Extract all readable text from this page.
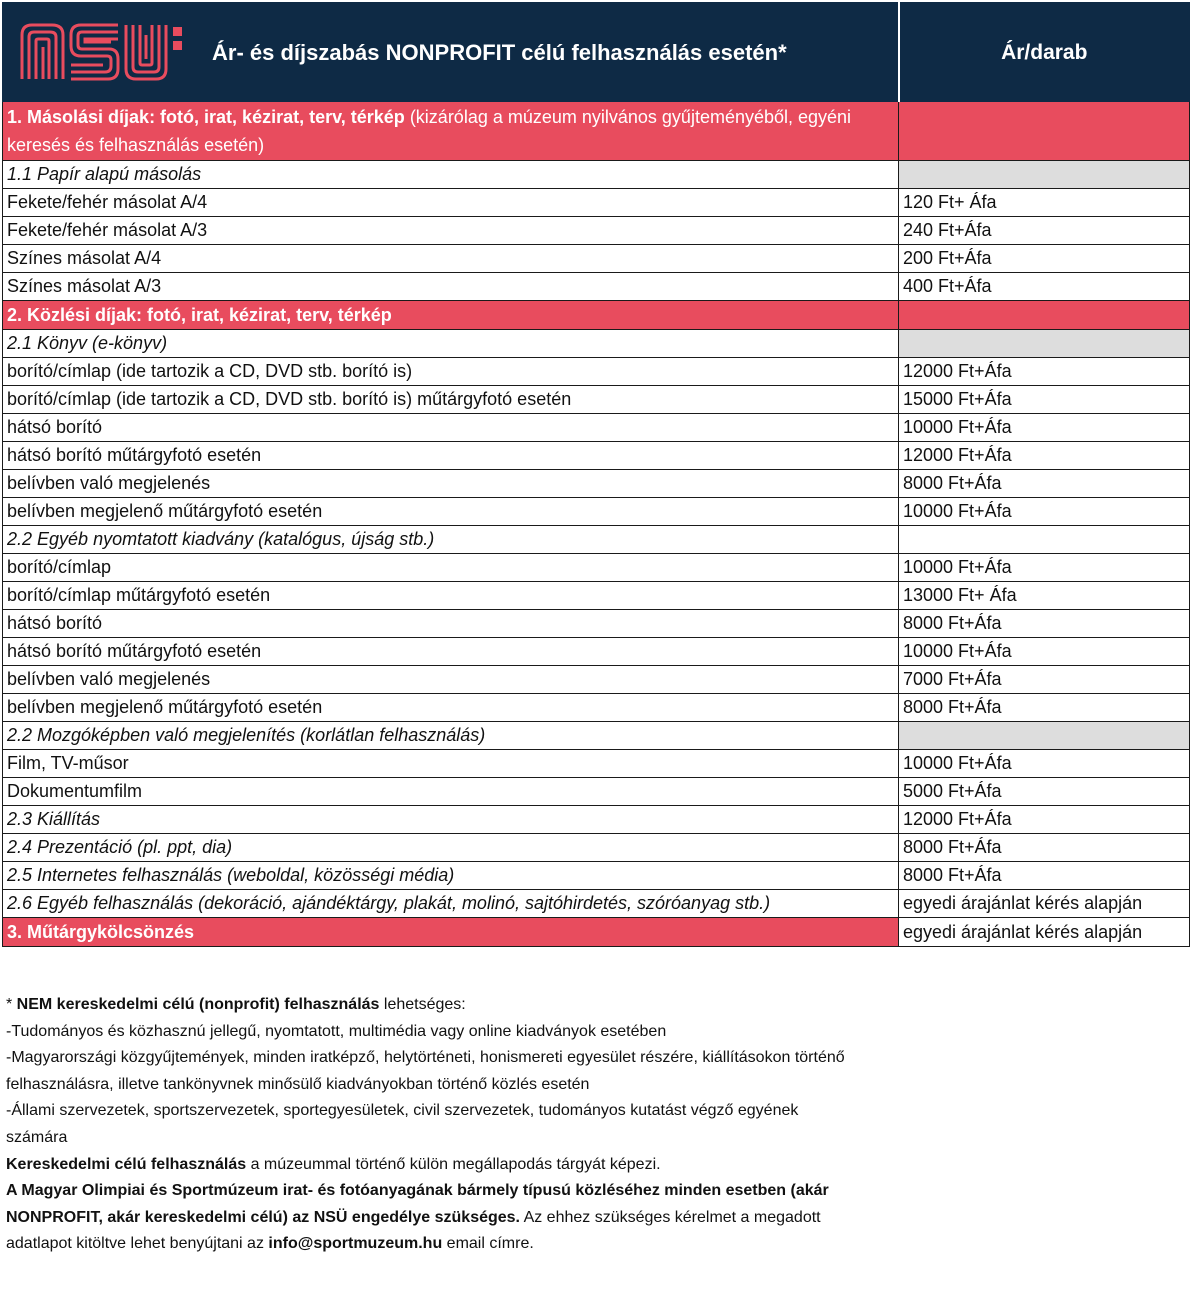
Ár- és díjszabás NONPROFIT célú felhasználás esetén*	Ár/darab
1. Másolási díjak: fotó, irat, kézirat, terv, térkép (kizárólag a múzeum nyilvános gyűjteményéből, egyéni keresés és felhasználás esetén)	
1.1 Papír alapú másolás	
Fekete/fehér másolat A/4	120 Ft+ Áfa
Fekete/fehér másolat A/3	240 Ft+Áfa
Színes másolat A/4	200 Ft+Áfa
Színes másolat A/3	400 Ft+Áfa
2. Közlési díjak: fotó, irat, kézirat, terv, térkép	
2.1 Könyv (e-könyv)	
borító/címlap (ide tartozik a CD, DVD stb. borító is)	12000 Ft+Áfa
borító/címlap (ide tartozik a CD, DVD stb. borító is) műtárgyfotó esetén	15000 Ft+Áfa
hátsó borító	10000 Ft+Áfa
hátsó borító műtárgyfotó esetén	12000 Ft+Áfa
belívben való megjelenés	8000 Ft+Áfa
belívben megjelenő műtárgyfotó esetén	10000 Ft+Áfa
2.2 Egyéb nyomtatott kiadvány (katalógus, újság stb.)	
borító/címlap	10000 Ft+Áfa
borító/címlap műtárgyfotó esetén	13000 Ft+ Áfa
hátsó borító	8000 Ft+Áfa
hátsó borító műtárgyfotó esetén	10000 Ft+Áfa
belívben való megjelenés	7000 Ft+Áfa
belívben megjelenő műtárgyfotó esetén	8000 Ft+Áfa
2.2 Mozgóképben való megjelenítés (korlátlan felhasználás)	
Film, TV-műsor	10000 Ft+Áfa
Dokumentumfilm	5000 Ft+Áfa
2.3 Kiállítás	12000 Ft+Áfa
2.4 Prezentáció (pl. ppt, dia)	8000 Ft+Áfa
2.5 Internetes felhasználás (weboldal, közösségi média)	8000 Ft+Áfa
2.6 Egyéb felhasználás (dekoráció, ajándéktárgy, plakát, molinó, sajtóhirdetés, szóróanyag stb.)	egyedi árajánlat kérés alapján
3. Műtárgykölcsönzés	egyedi árajánlat kérés alapján

* NEM kereskedelmi célú (nonprofit) felhasználás lehetséges:

-Tudományos és közhasznú jellegű, nyomtatott, multimédia vagy online kiadványok esetében

-Magyarországi közgyűjtemények, minden iratképző, helytörténeti, honismereti egyesület részére, kiállításokon történő

felhasználásra, illetve tankönyvnek minősülő kiadványokban történő közlés esetén

-Állami szervezetek, sportszervezetek, sportegyesületek, civil szervezetek, tudományos kutatást végző egyének

számára

Kereskedelmi célú felhasználás a múzeummal történő külön megállapodás tárgyát képezi.

A Magyar Olimpiai és Sportmúzeum irat- és fotóanyagának bármely típusú közléséhez minden esetben (akár

NONPROFIT, akár kereskedelmi célú) az NSÜ engedélye szükséges. Az ehhez szükséges kérelmet a megadott

adatlapot kitöltve lehet benyújtani az info@sportmuzeum.hu email címre.
